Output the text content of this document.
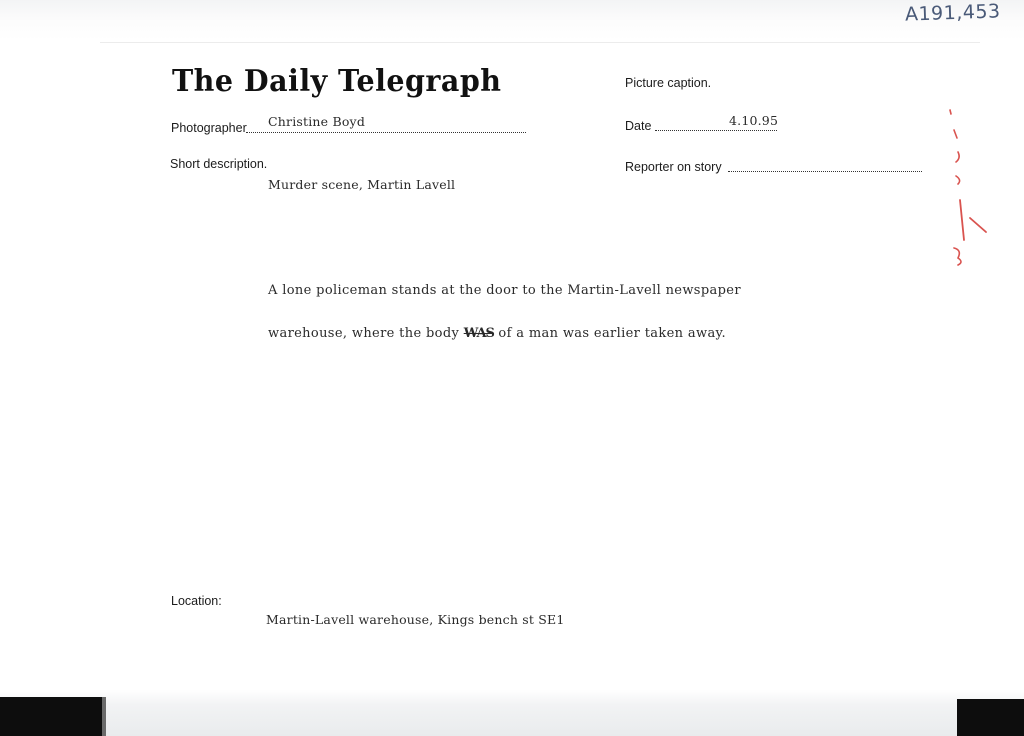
A191,453
The Daily Telegraph
Photographer Christine Boyd
Short description.
Murder scene, Martin Lavell
Picture caption.
Date	4.10.95
Reporter on story
A lone policeman stands at the door to the Martin-Lavell newspaper
warehouse, where the body WAS of a man was earlier taken away.
Location:
Martin-Lavell warehouse, Kings bench st SE1
